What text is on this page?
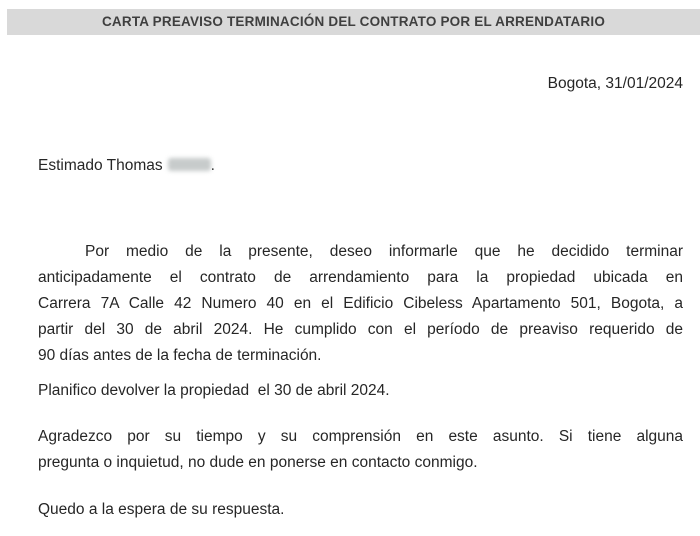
CARTA PREAVISO TERMINACIÓN DEL CONTRATO POR EL ARRENDATARIO
Bogota, 31/01/2024
Estimado Thomas	.
Por medio de la presente, deseo informarle que he decidido terminar
anticipadamente el contrato de arrendamiento para la propiedad ubicada en
Carrera 7A Calle 42 Numero 40 en el Edificio Cibeless Apartamento 501, Bogota, a
partir del 30 de abril 2024. He cumplido con el período de preaviso requerido de
90 días antes de la fecha de terminación.
Planifico devolver la propiedad  el 30 de abril 2024.
Agradezco por su tiempo y su comprensión en este asunto. Si tiene alguna
pregunta o inquietud, no dude en ponerse en contacto conmigo.
Quedo a la espera de su respuesta.
